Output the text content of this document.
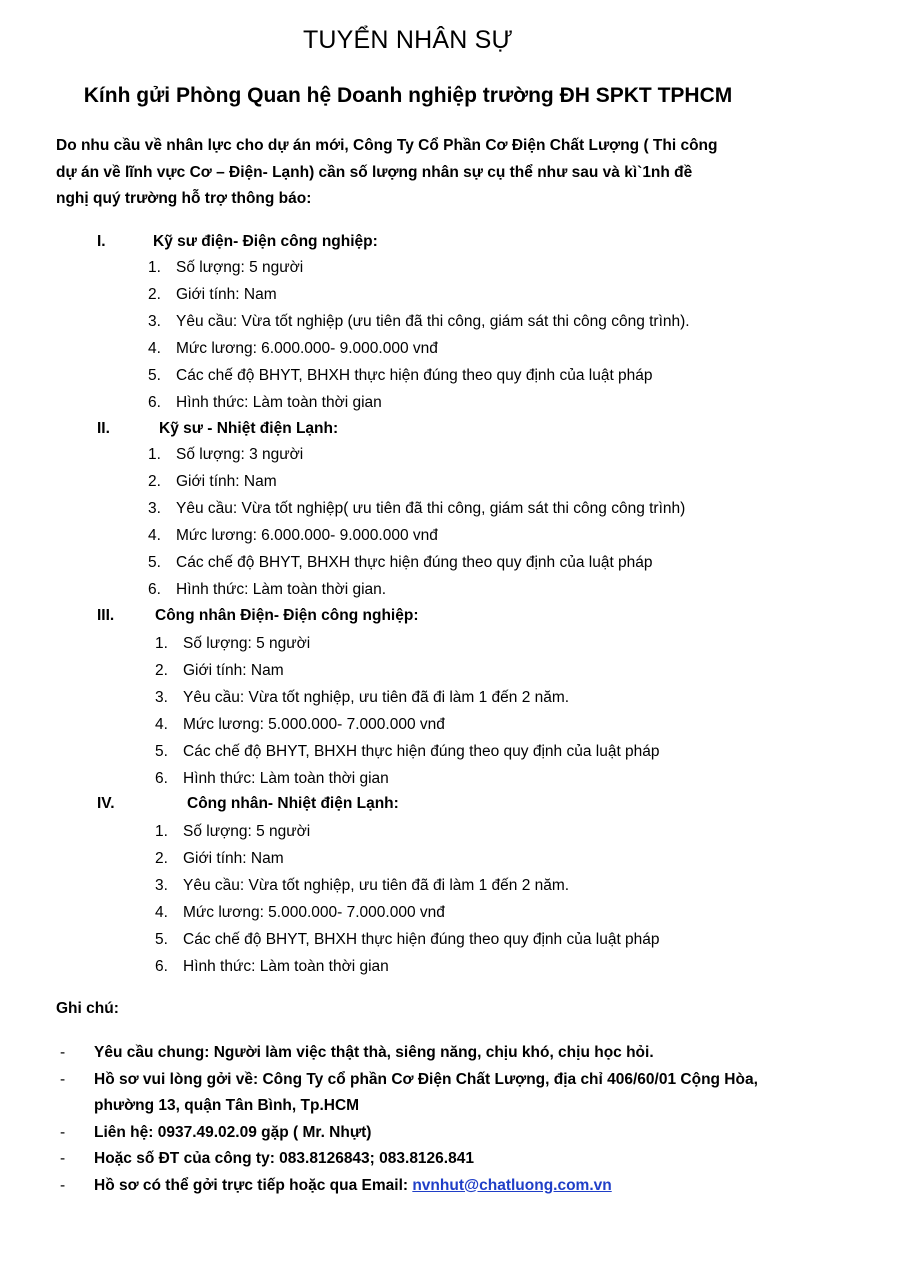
TUYỂN NHÂN SỰ
Kính gửi Phòng Quan hệ Doanh nghiệp trường ĐH SPKT TPHCM

Do nhu cầu về nhân lực cho dự án mới, Công Ty Cổ Phần Cơ Điện Chất Lượng ( Thi công

dự án về lĩnh vực Cơ – Điện- Lạnh) cần số lượng nhân sự cụ thể như sau và kì`1nh đề

nghị quý trường hỗ trợ thông báo:

I.	Kỹ sư điện- Điện công nghiệp:
1. Số lượng: 5 người
2. Giới tính: Nam
3. Yêu cầu: Vừa tốt nghiệp (ưu tiên đã thi công, giám sát thi công công trình).
4. Mức lương: 6.000.000- 9.000.000 vnđ
5. Các chế độ BHYT, BHXH thực hiện đúng theo quy định của luật pháp
6. Hình thức: Làm toàn thời gian
II.	Kỹ sư - Nhiệt điện Lạnh:
1. Số lượng: 3 người
2. Giới tính: Nam
3. Yêu cầu: Vừa tốt nghiệp( ưu tiên đã thi công, giám sát thi công công trình)
4. Mức lương: 6.000.000- 9.000.000 vnđ
5. Các chế độ BHYT, BHXH thực hiện đúng theo quy định của luật pháp
6. Hình thức: Làm toàn thời gian.
III.	Công nhân Điện- Điện công nghiệp:
1. Số lượng: 5 người
2. Giới tính: Nam
3. Yêu cầu: Vừa tốt nghiệp, ưu tiên đã đi làm 1 đến 2 năm.
4. Mức lương: 5.000.000- 7.000.000 vnđ
5. Các chế độ BHYT, BHXH thực hiện đúng theo quy định của luật pháp
6. Hình thức: Làm toàn thời gian
IV.	Công nhân- Nhiệt điện Lạnh:
1. Số lượng: 5 người
2. Giới tính: Nam
3. Yêu cầu: Vừa tốt nghiệp, ưu tiên đã đi làm 1 đến 2 năm.
4. Mức lương: 5.000.000- 7.000.000 vnđ
5. Các chế độ BHYT, BHXH thực hiện đúng theo quy định của luật pháp
6. Hình thức: Làm toàn thời gian
Ghi chú:
- Yêu cầu chung: Người làm việc thật thà, siêng năng, chịu khó, chịu học hỏi.
- Hồ sơ vui lòng gởi về: Công Ty cổ phần Cơ Điện Chất Lượng, địa chỉ 406/60/01 Cộng Hòa, phường 13, quận Tân Bình, Tp.HCM
- Liên hệ: 0937.49.02.09 gặp ( Mr. Nhựt)
- Hoặc số ĐT của công ty: 083.8126843; 083.8126.841
- Hồ sơ có thể gởi trực tiếp hoặc qua Email: nvnhut@chatluong.com.vn
